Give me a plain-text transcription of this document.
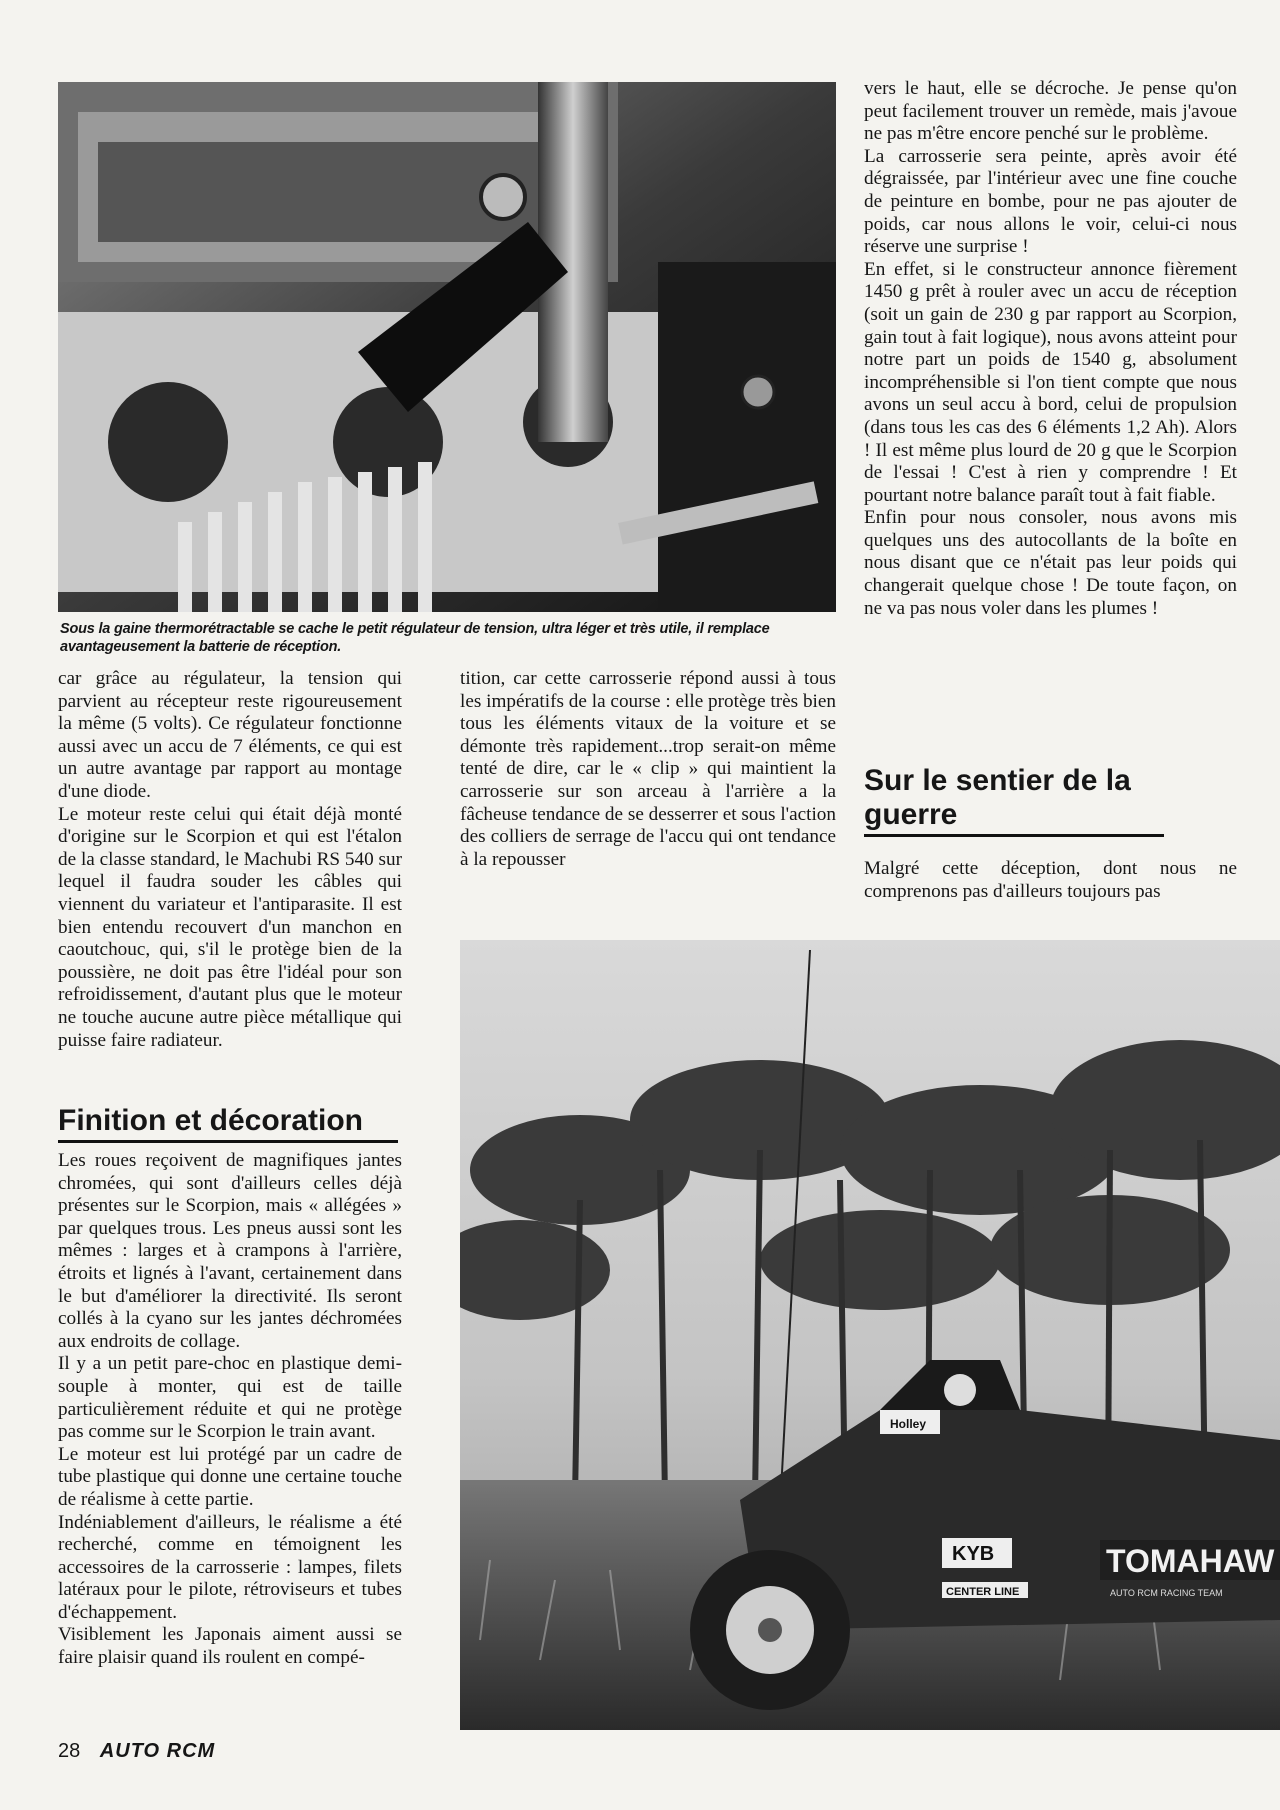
Sous la gaine thermorétractable se cache le petit régulateur de tension, ultra léger et très utile, il remplace avantageusement la batterie de réception.

car grâce au régulateur, la tension qui parvient au récepteur reste rigoureusement la même (5 volts). Ce régulateur fonctionne aussi avec un accu de 7 éléments, ce qui est un autre avantage par rapport au montage d'une diode.

Le moteur reste celui qui était déjà monté d'origine sur le Scorpion et qui est l'étalon de la classe standard, le Machubi RS 540 sur lequel il faudra souder les câbles qui viennent du variateur et l'antiparasite. Il est bien entendu recouvert d'un manchon en caoutchouc, qui, s'il le protège bien de la poussière, ne doit pas être l'idéal pour son refroidissement, d'autant plus que le moteur ne touche aucune autre pièce métallique qui puisse faire radiateur.

Finition et décoration

Les roues reçoivent de magnifiques jantes chromées, qui sont d'ailleurs celles déjà présentes sur le Scorpion, mais « allégées » par quelques trous. Les pneus aussi sont les mêmes : larges et à crampons à l'arrière, étroits et lignés à l'avant, certainement dans le but d'améliorer la directivité. Ils seront collés à la cyano sur les jantes déchromées aux endroits de collage.

Il y a un petit pare-choc en plastique demi-souple à monter, qui est de taille particulièrement réduite et qui ne protège pas comme sur le Scorpion le train avant.

Le moteur est lui protégé par un cadre de tube plastique qui donne une certaine touche de réalisme à cette partie.

Indéniablement d'ailleurs, le réalisme a été recherché, comme en témoignent les accessoires de la carrosserie : lampes, filets latéraux pour le pilote, rétroviseurs et tubes d'échappement.

Visiblement les Japonais aiment aussi se faire plaisir quand ils roulent en compé-

tition, car cette carrosserie répond aussi à tous les impératifs de la course : elle protège très bien tous les éléments vitaux de la voiture et se démonte très rapidement...trop serait-on même tenté de dire, car le « clip » qui maintient la carrosserie sur son arceau à l'arrière a la fâcheuse tendance de se desserrer et sous l'action des colliers de serrage de l'accu qui ont tendance à la repousser

vers le haut, elle se décroche. Je pense qu'on peut facilement trouver un remède, mais j'avoue ne pas m'être encore penché sur le problème.

La carrosserie sera peinte, après avoir été dégraissée, par l'intérieur avec une fine couche de peinture en bombe, pour ne pas ajouter de poids, car nous allons le voir, celui-ci nous réserve une surprise !

En effet, si le constructeur annonce fièrement 1450 g prêt à rouler avec un accu de réception (soit un gain de 230 g par rapport au Scorpion, gain tout à fait logique), nous avons atteint pour notre part un poids de 1540 g, absolument incompréhensible si l'on tient compte que nous avons un seul accu à bord, celui de propulsion (dans tous les cas des 6 éléments 1,2 Ah). Alors ! Il est même plus lourd de 20 g que le Scorpion de l'essai ! C'est à rien y comprendre ! Et pourtant notre balance paraît tout à fait fiable.

Enfin pour nous consoler, nous avons mis quelques uns des autocollants de la boîte en nous disant que ce n'était pas leur poids qui changerait quelque chose ! De toute façon, on ne va pas nous voler dans les plumes !

Sur le sentier de la
guerre

Malgré cette déception, dont nous ne comprenons pas d'ailleurs toujours pas

TOMAHAW
Holley
KYB
CENTER LINE	AUTO RCM RACING TEAM
28 AUTO RCM
